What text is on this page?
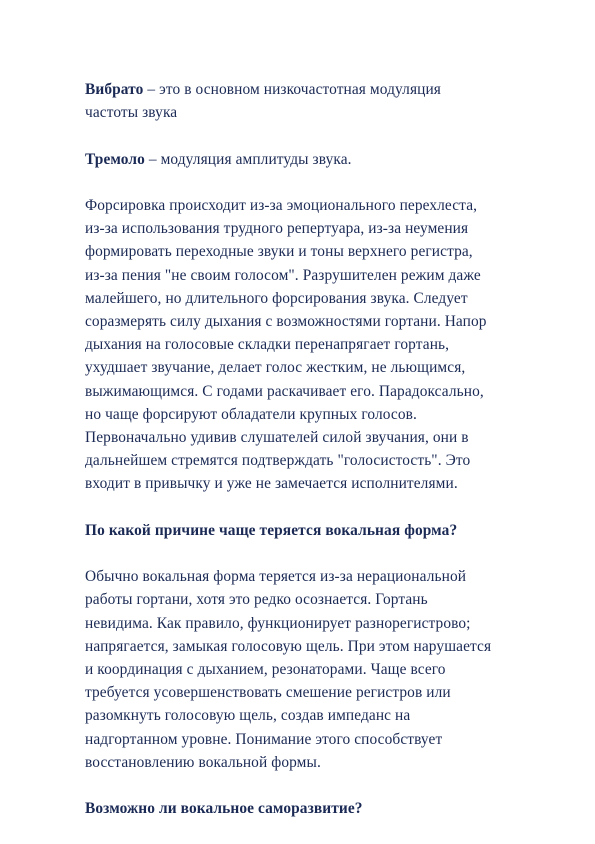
Вибрато – это в основном низкочастотная модуляция
частоты звука

Тремоло – модуляция амплитуды звука.

Форсировка происходит из-за эмоционального перехлеста,
из-за использования трудного репертуара, из-за неумения
формировать переходные звуки и тоны верхнего регистра,
из-за пения "не своим голосом". Разрушителен режим даже
малейшего, но длительного форсирования звука. Следует
соразмерять силу дыхания с возможностями гортани. Напор
дыхания на голосовые складки перенапрягает гортань,
ухудшает звучание, делает голос жестким, не льющимся,
выжимающимся. С годами раскачивает его. Парадоксально,
но чаще форсируют обладатели крупных голосов.
Первоначально удивив слушателей силой звучания, они в
дальнейшем стремятся подтверждать "голосистость". Это
входит в привычку и уже не замечается исполнителями.

По какой причине чаще теряется вокальная форма?

Обычно вокальная форма теряется из-за нерациональной
работы гортани, хотя это редко осознается. Гортань
невидима. Как правило, функционирует разнорегистрово;
напрягается, замыкая голосовую щель. При этом нарушается
и координация с дыханием, резонаторами. Чаще всего
требуется усовершенствовать смешение регистров или
разомкнуть голосовую щель, создав импеданс на
надгортанном уровне. Понимание этого способствует
восстановлению вокальной формы.

Возможно ли вокальное саморазвитие?
